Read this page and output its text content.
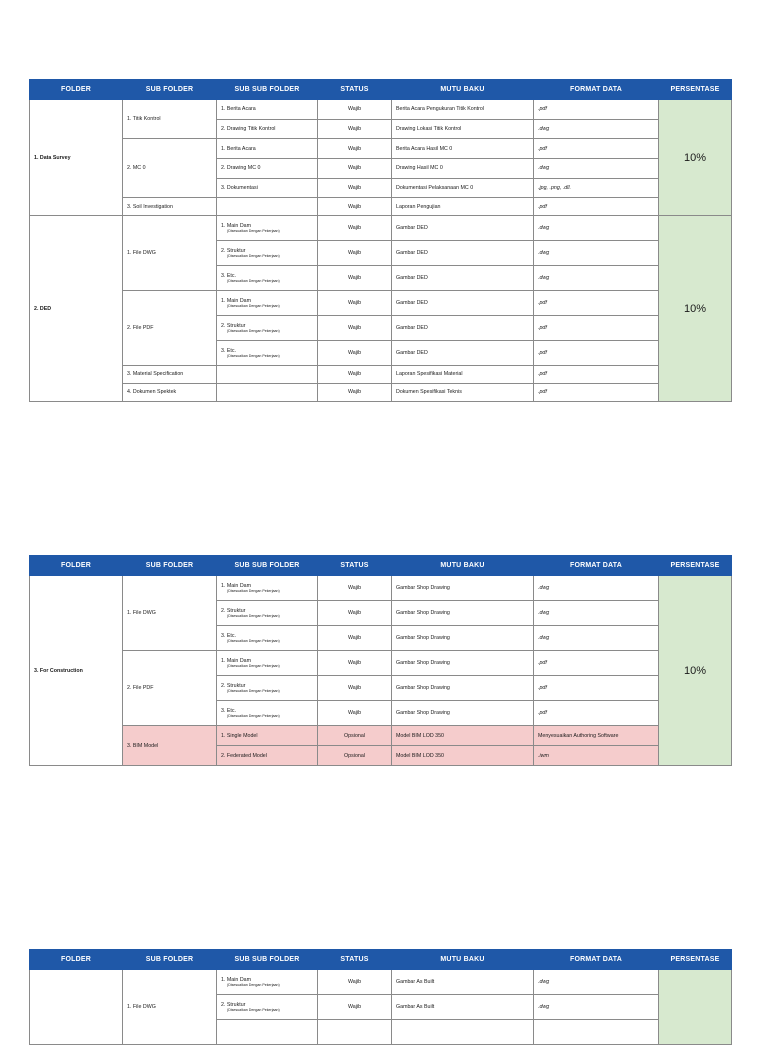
FOLDER	SUB FOLDER	SUB SUB FOLDER	STATUS	MUTU BAKU	FORMAT DATA	PERSENTASE
1. Data Survey	1. Titik Kontrol	1. Berita Acara	Wajib	Berita Acara Pengukuran Titik Kontrol	.pdf	10%
		2. Drawing Titik Kontrol	Wajib	Drawing Lokasi Titik Kontrol	.dwg	
	2. MC 0	1. Berita Acara	Wajib	Berita Acara Hasil MC 0	.pdf	
		2. Drawing MC 0	Wajib	Drawing Hasil MC 0	.dwg	
		3. Dokumentasi	Wajib	Dokumentasi Pelaksanaan MC 0	.jpg, .png, .dll.	
	3. Soil Investigation		Wajib	Laporan Pengujian	.pdf	
2. DED	1. File DWG	1. Main Dam
(Disesuaikan Dengan Pekerjaan)	Wajib	Gambar DED	.dwg	10%
		2. Struktur
(Disesuaikan Dengan Pekerjaan)	Wajib	Gambar DED	.dwg	
		3. Etc.
(Disesuaikan Dengan Pekerjaan)	Wajib	Gambar DED	.dwg	
	2. File PDF	1. Main Dam
(Disesuaikan Dengan Pekerjaan)	Wajib	Gambar DED	.pdf	
		2. Struktur
(Disesuaikan Dengan Pekerjaan)	Wajib	Gambar DED	.pdf	
		3. Etc.
(Disesuaikan Dengan Pekerjaan)	Wajib	Gambar DED	.pdf	
	3. Material Specification		Wajib	Laporan Spesifikasi Material	.pdf	
	4. Dokumen Spektek		Wajib	Dokumen Spesifikasi Teknis	.pdf	
FOLDER	SUB FOLDER	SUB SUB FOLDER	STATUS	MUTU BAKU	FORMAT DATA	PERSENTASE
3. For Construction	1. File DWG	1. Main Dam
(Disesuaikan Dengan Pekerjaan)	Wajib	Gambar Shop Drawing	.dwg	10%
		2. Struktur
(Disesuaikan Dengan Pekerjaan)	Wajib	Gambar Shop Drawing	.dwg	
		3. Etc.
(Disesuaikan Dengan Pekerjaan)	Wajib	Gambar Shop Drawing	.dwg	
	2. File PDF	1. Main Dam
(Disesuaikan Dengan Pekerjaan)	Wajib	Gambar Shop Drawing	.pdf	
		2. Struktur
(Disesuaikan Dengan Pekerjaan)	Wajib	Gambar Shop Drawing	.pdf	
		3. Etc.
(Disesuaikan Dengan Pekerjaan)	Wajib	Gambar Shop Drawing	.pdf	
	3. BIM Model	1. Single Model	Opsional	Model BIM LOD 350	Menyesuaikan Authoring Software	
		2. Federated Model	Opsional	Model BIM LOD 350	.iwm	
FOLDER	SUB FOLDER	SUB SUB FOLDER	STATUS	MUTU BAKU	FORMAT DATA	PERSENTASE
	1. File DWG	1. Main Dam
(Disesuaikan Dengan Pekerjaan)	Wajib	Gambar As Built	.dwg	
		2. Struktur
(Disesuaikan Dengan Pekerjaan)	Wajib	Gambar As Built	.dwg	
